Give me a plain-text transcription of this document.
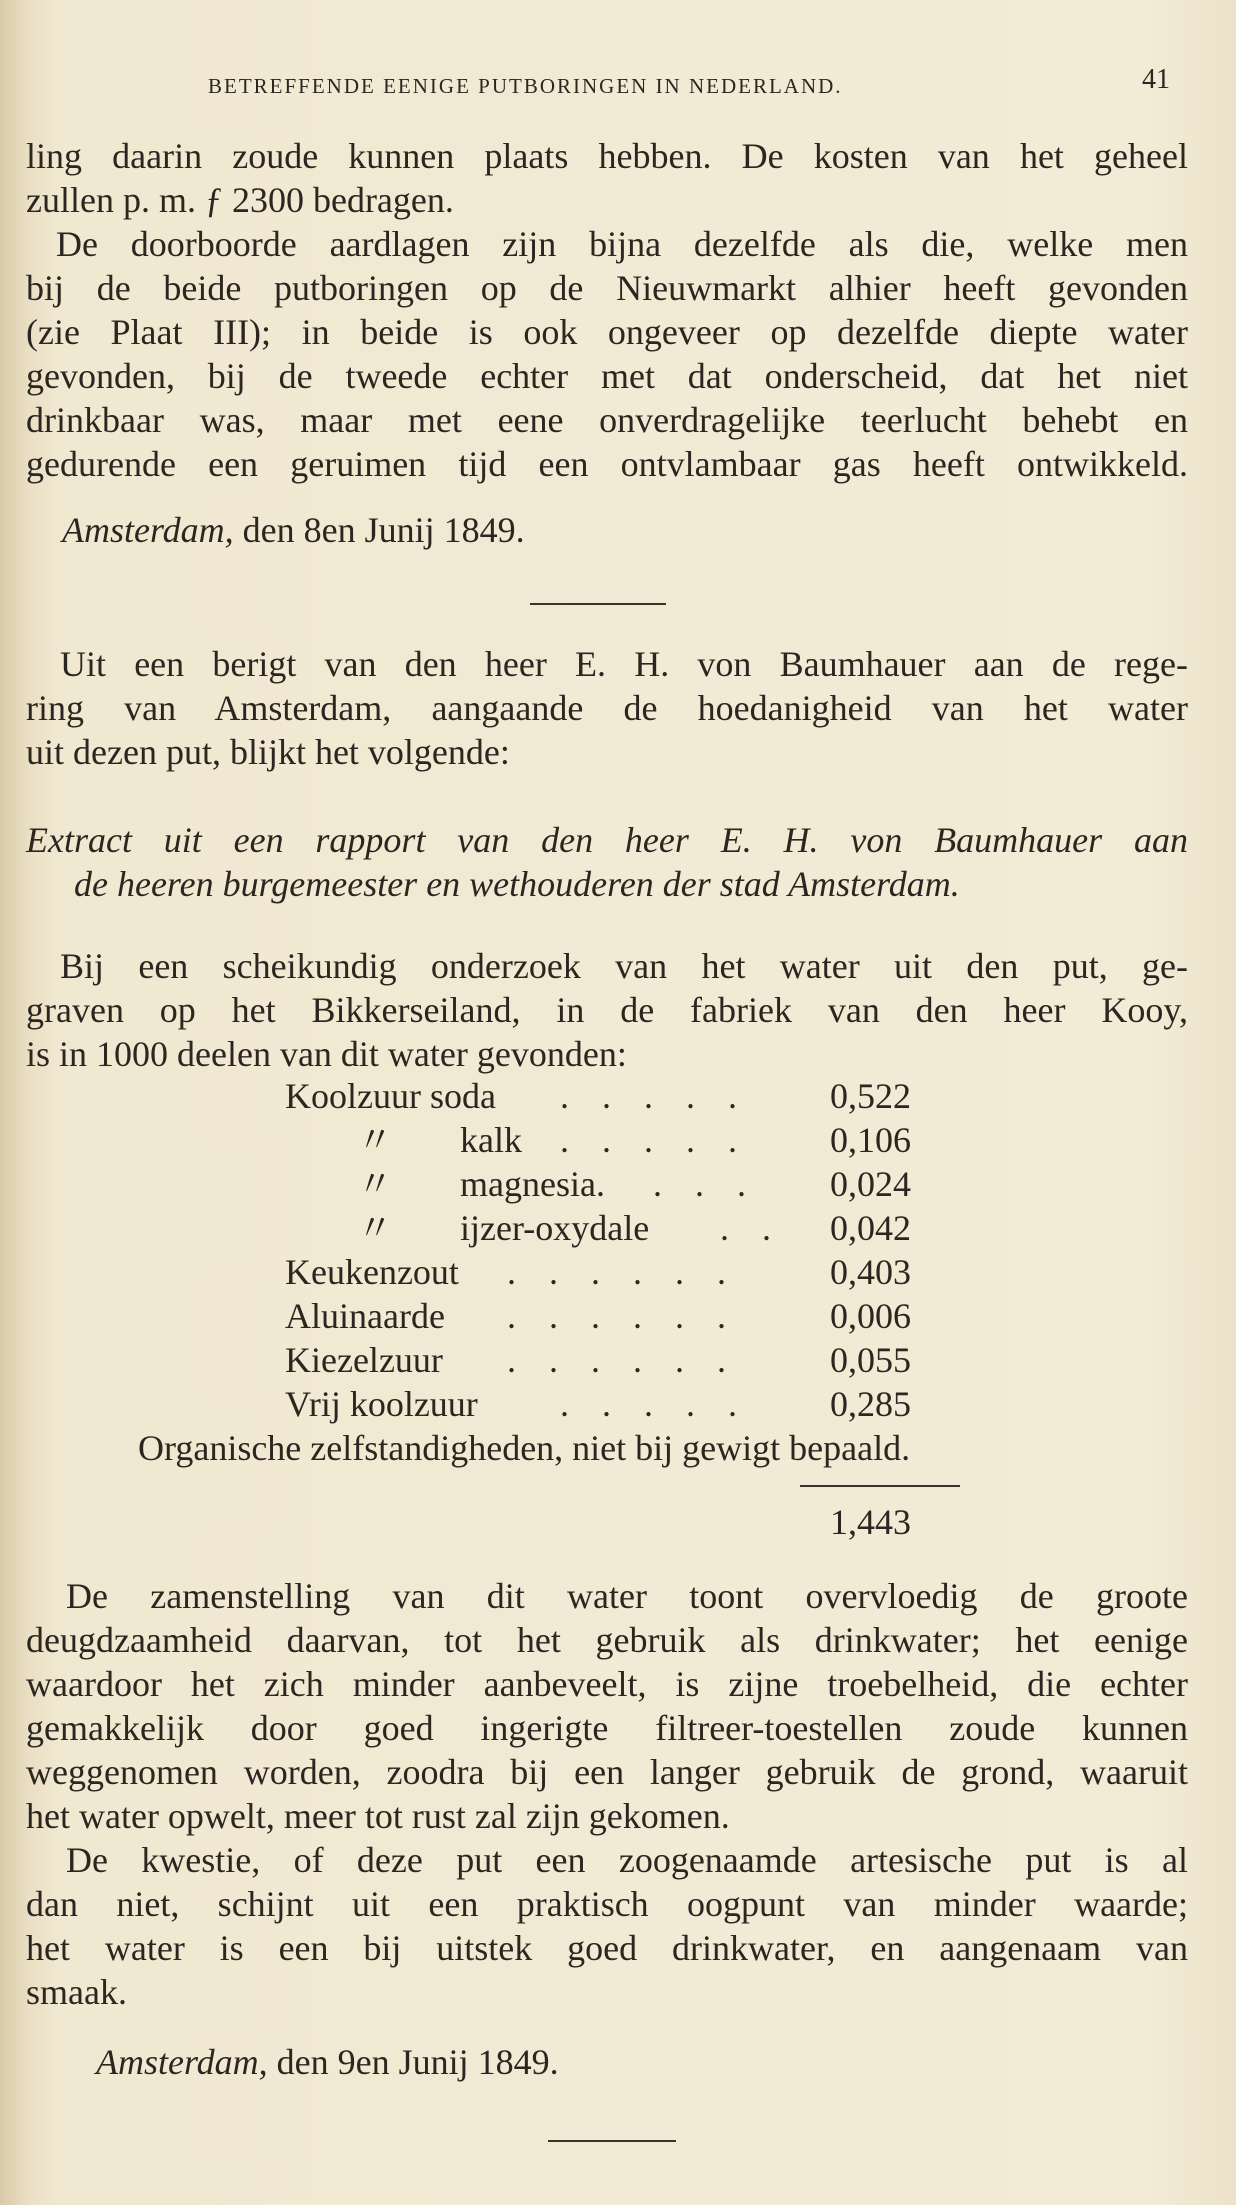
BETREFFENDE EENIGE PUTBORINGEN IN NEDERLAND.	41
ling daarin zoude kunnen plaats hebben. De kosten van het geheel
zullen p. m. ƒ 2300 bedragen.
De doorboorde aardlagen zijn bijna dezelfde als die, welke men
bij de beide putboringen op de Nieuwmarkt alhier heeft gevonden
(zie Plaat III); in beide is ook ongeveer op dezelfde diepte water
gevonden, bij de tweede echter met dat onderscheid, dat het niet
drinkbaar was, maar met eene onverdragelijke teerlucht behebt en
gedurende een geruimen tijd een ontvlambaar gas heeft ontwikkeld.
Amsterdam, den 8en Junij 1849.
Uit een berigt van den heer E. H. von Baumhauer aan de rege-
ring van Amsterdam, aangaande de hoedanigheid van het water
uit dezen put, blijkt het volgende:
Extract uit een rapport van den heer E. H. von Baumhauer aan
de heeren burgemeester en wethouderen der stad Amsterdam.
Bij een scheikundig onderzoek van het water uit den put, ge-
graven op het Bikkerseiland, in de fabriek van den heer Kooy,
is in 1000 deelen van dit water gevonden:
Koolzuur soda . . . . . 0,522
〃 kalk . . . . . 0,106
〃 magnesia. . . . 0,024
〃 ijzer-oxydale . . 0,042
Keukenzout . . . . . .	0,403
Aluinaarde . . . . . .	0,006
Kiezelzuur . . . . . .	0,055
Vrij koolzuur . . . . . 0,285
Organische zelfstandigheden, niet bij gewigt bepaald.
1,443
De zamenstelling van dit water toont overvloedig de groote
deugdzaamheid daarvan, tot het gebruik als drinkwater; het eenige
waardoor het zich minder aanbeveelt, is zijne troebelheid, die echter
gemakkelijk door goed ingerigte filtreer-toestellen zoude kunnen
weggenomen worden, zoodra bij een langer gebruik de grond, waaruit
het water opwelt, meer tot rust zal zijn gekomen.
De kwestie, of deze put een zoogenaamde artesische put is al
dan niet, schijnt uit een praktisch oogpunt van minder waarde;
het water is een bij uitstek goed drinkwater, en aangenaam van
smaak.
Amsterdam, den 9en Junij 1849.
